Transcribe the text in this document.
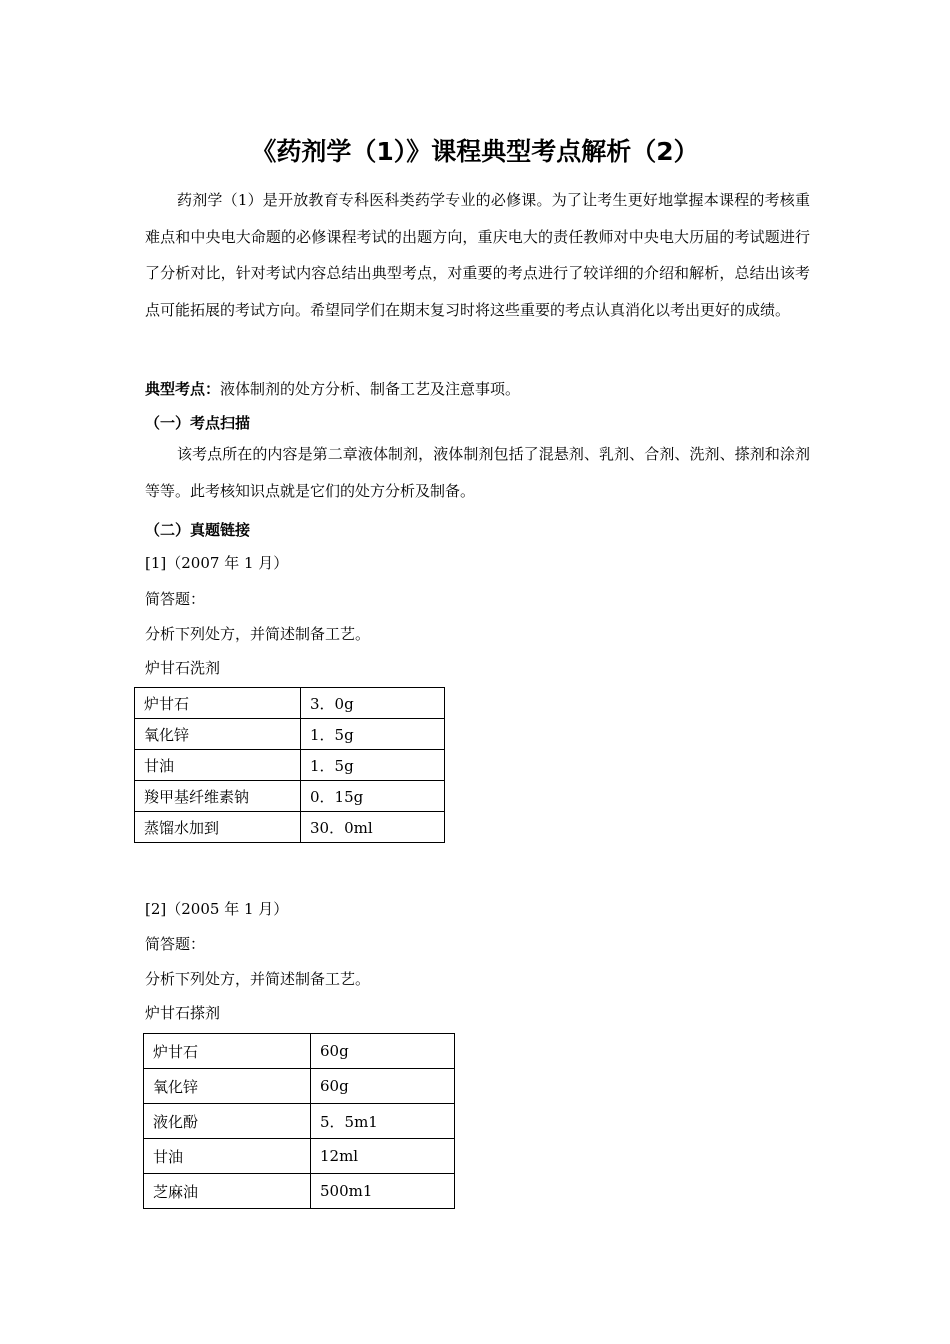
《药剂学（1）》课程典型考点解析（2）
药剂学（1）是开放教育专科医科类药学专业的必修课。为了让考生更好地掌握本课程的考核重难点和中央电大命题的必修课程考试的出题方向，重庆电大的责任教师对中央电大历届的考试题进行了分析对比，针对考试内容总结出典型考点，对重要的考点进行了较详细的介绍和解析，总结出该考点可能拓展的考试方向。希望同学们在期末复习时将这些重要的考点认真消化以考出更好的成绩。
典型考点：液体制剂的处方分析、制备工艺及注意事项。
（一）考点扫描
该考点所在的内容是第二章液体制剂，液体制剂包括了混悬剂、乳剂、合剂、洗剂、搽剂和涂剂等等。此考核知识点就是它们的处方分析及制备。
（二）真题链接
[1]（2007 年 1 月）
简答题：
分析下列处方，并简述制备工艺。
炉甘石洗剂
炉甘石	3．0g
氧化锌	1．5g
甘油	1．5g
羧甲基纤维素钠	0．15g
蒸馏水加到	30．0ml
[2]（2005 年 1 月）
简答题：
分析下列处方，并简述制备工艺。
炉甘石搽剂
炉甘石	60g
氧化锌	60g
液化酚	5．5m1
甘油	12ml
芝麻油	500m1
